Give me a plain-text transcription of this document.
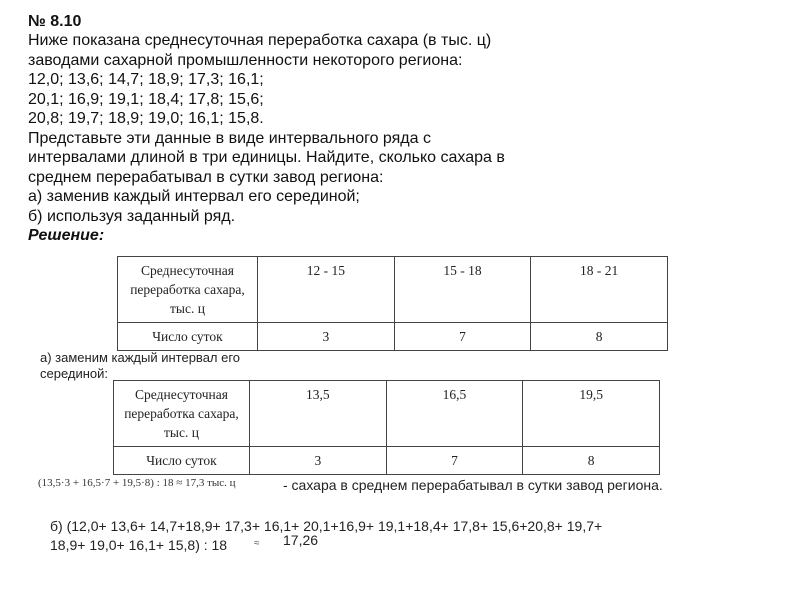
№ 8.10
Ниже показана среднесуточная переработка сахара (в тыс. ц)
заводами сахарной промышленности некоторого региона:
12,0; 13,6; 14,7; 18,9; 17,3; 16,1;
20,1; 16,9; 19,1; 18,4; 17,8; 15,6;
20,8; 19,7; 18,9; 19,0; 16,1; 15,8.
Представьте эти данные в виде интервального ряда с
интервалами длиной в три единицы. Найдите, сколько сахара в
среднем перерабатывал в сутки завод региона:
а) заменив каждый интервал его серединой;
б) используя заданный ряд.
Решение:
Среднесуточная переработка сахара, тыс. ц	12 - 15	15 - 18	18 - 21
Число суток	3	7	8
а) заменим каждый интервал его
серединой:
Среднесуточная переработка сахара, тыс. ц	13,5	16,5	19,5
Число суток	3	7	8
(13,5·3 + 16,5·7 + 19,5·8) : 18 ≈ 17,3 тыс. ц	- сахара в среднем перерабатывал в сутки завод региона.
б) (12,0+ 13,6+ 14,7+18,9+ 17,3+ 16,1+ 20,1+16,9+ 19,1+18,4+ 17,8+ 15,6+20,8+ 19,7+
18,9+ 19,0+ 16,1+ 15,8) : 18	≈ 17,26
